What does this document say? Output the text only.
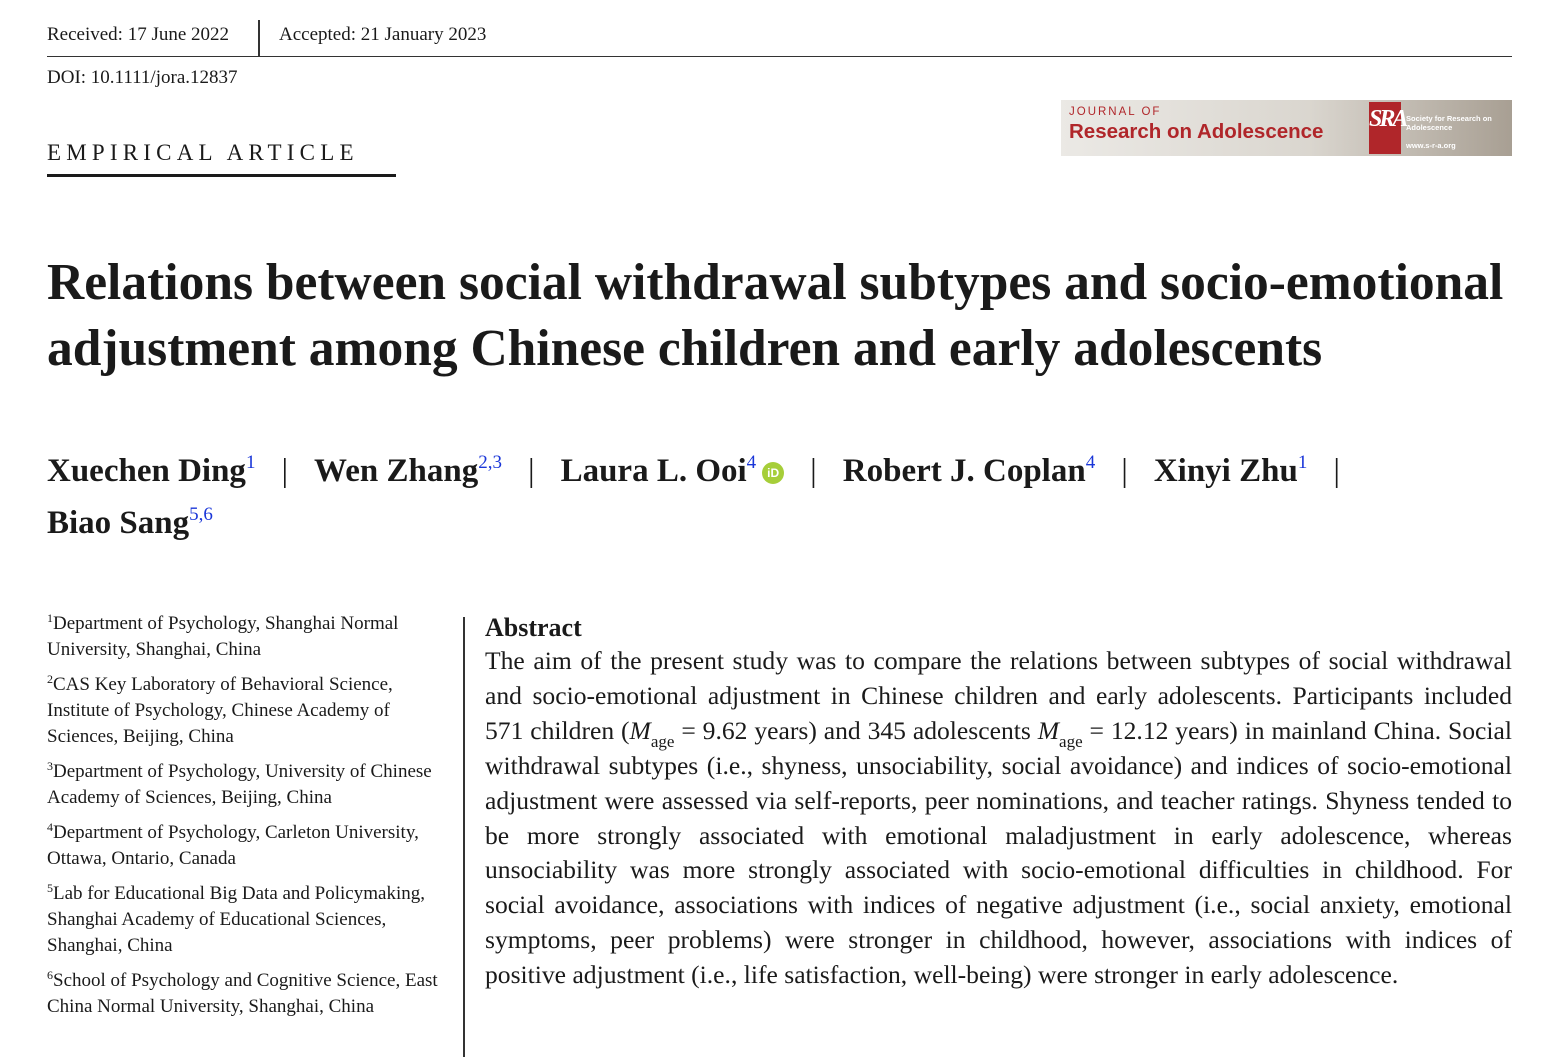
Received: 17 June 2022	Accepted: 21 January 2023
DOI: 10.1111/jora.12837
EMPIRICAL ARTICLE
JOURNAL OF
Research on Adolescence SRA Society for Research on Adolescence
www.s-r-a.org
Relations between social withdrawal subtypes and socio-emotional adjustment among Chinese children and early adolescents
Xuechen Ding$^1$ | Wen Zhang$^{2,3}$ | Laura L. Ooi$^4$ iD | Robert J. Coplan$^4$ | Xinyi Zhu$^1$ |
Biao Sang$^{5,6}$

$^1$Department of Psychology, Shanghai Normal University, Shanghai, China

$^2$CAS Key Laboratory of Behavioral Science, Institute of Psychology, Chinese Academy of Sciences, Beijing, China

$^3$Department of Psychology, University of Chinese Academy of Sciences, Beijing, China

$^4$Department of Psychology, Carleton University, Ottawa, Ontario, Canada

$^5$Lab for Educational Big Data and Policymaking, Shanghai Academy of Educational Sciences, Shanghai, China

$^6$School of Psychology and Cognitive Science, East China Normal University, Shanghai, China

Abstract

The aim of the present study was to compare the relations between subtypes of social withdrawal and socio-emotional adjustment in Chinese children and early adolescents. Participants included 571 children ($M_{age} = 9.62$ years) and 345 adolescents $M_{age} = 12.12$ years) in mainland China. Social withdrawal subtypes (i.e., shyness, unsociability, social avoidance) and indices of socio-emotional adjustment were assessed via self-reports, peer nominations, and teacher ratings. Shyness tended to be more strongly associated with emotional maladjustment in early adolescence, whereas unsociability was more strongly associated with socio-emotional difficulties in childhood. For social avoidance, associations with indices of negative adjustment (i.e., social anxiety, emotional symptoms, peer problems) were stronger in childhood, however, associations with indices of positive adjustment (i.e., life satisfaction, well-being) were stronger in early adolescence.
